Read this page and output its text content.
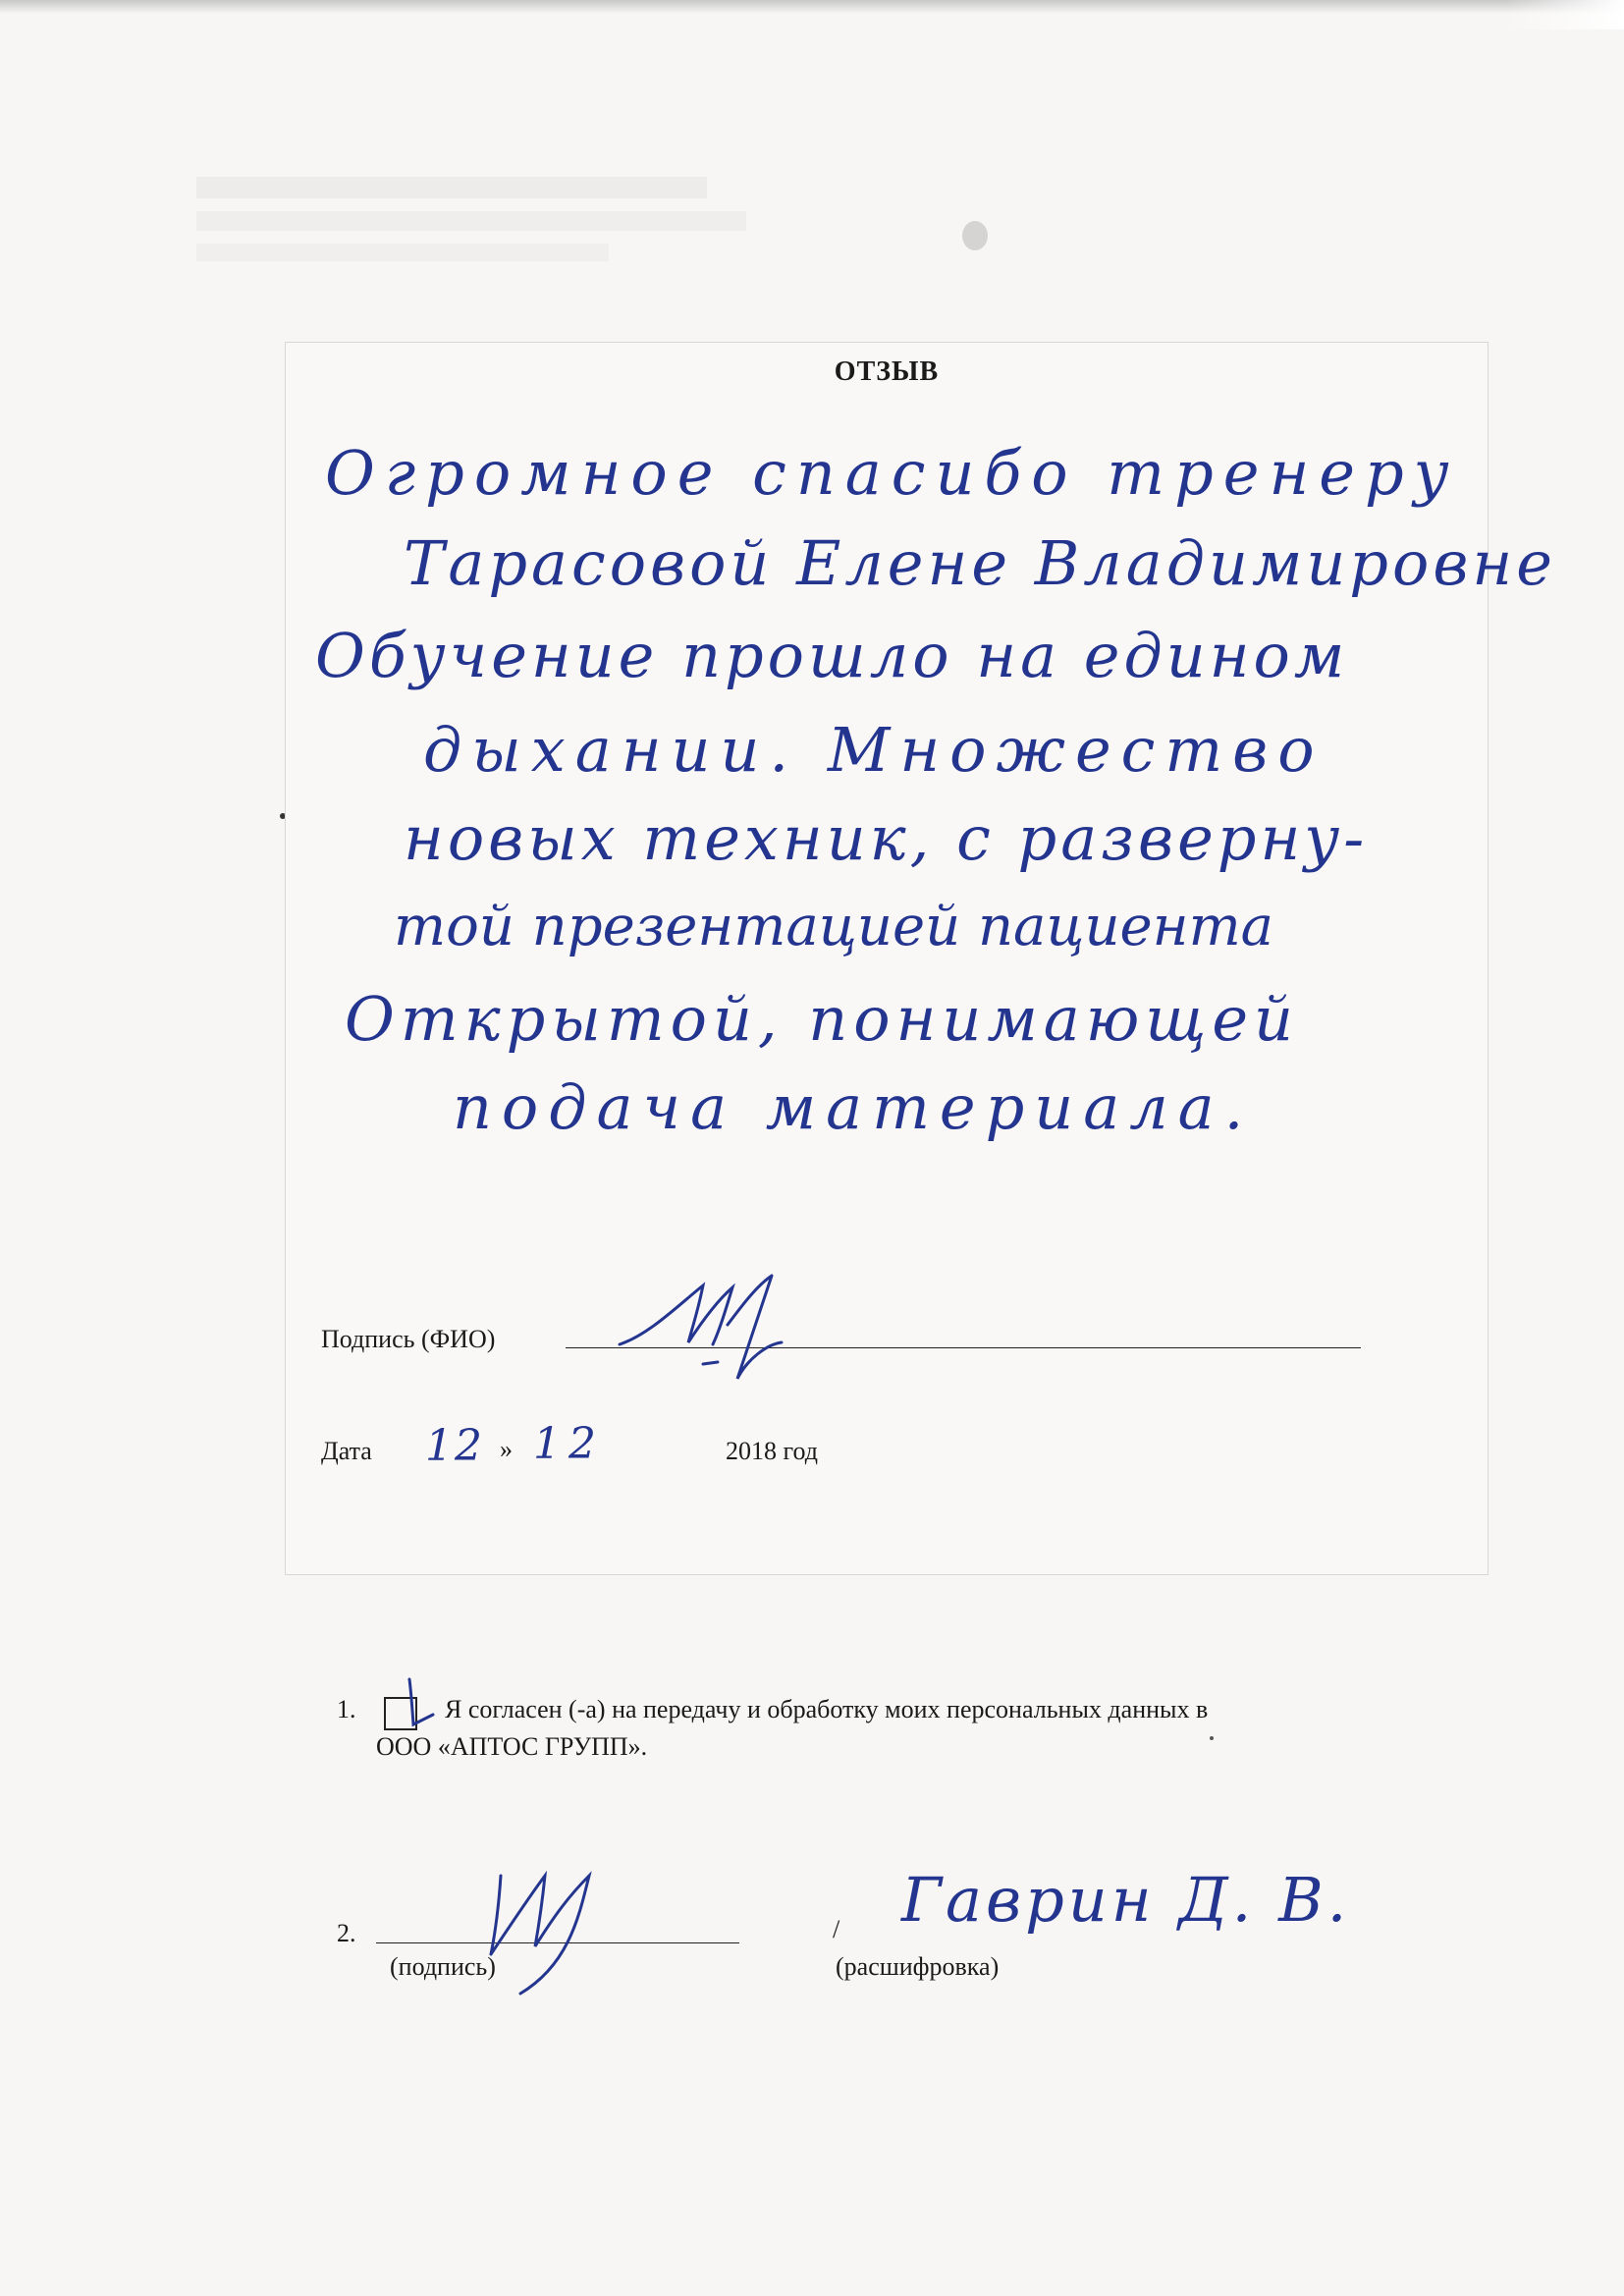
ОТЗЫВ
Огромное спасибо тренеру
Тарасовой Елене Владимировне
Обучение прошло на едином
дыхании. Множество
новых техник, с разверну-
той презентацией пациента
Открытой, понимающей
подача материала.
Подпись (ФИО)
Дата 12 » 12	2018 год
1.	Я согласен (-а) на передачу и обработку моих персональных данных в
ООО «АПТОС ГРУПП».
2.
(подпись)
/ Гаврин Д. В.
(расшифровка)
